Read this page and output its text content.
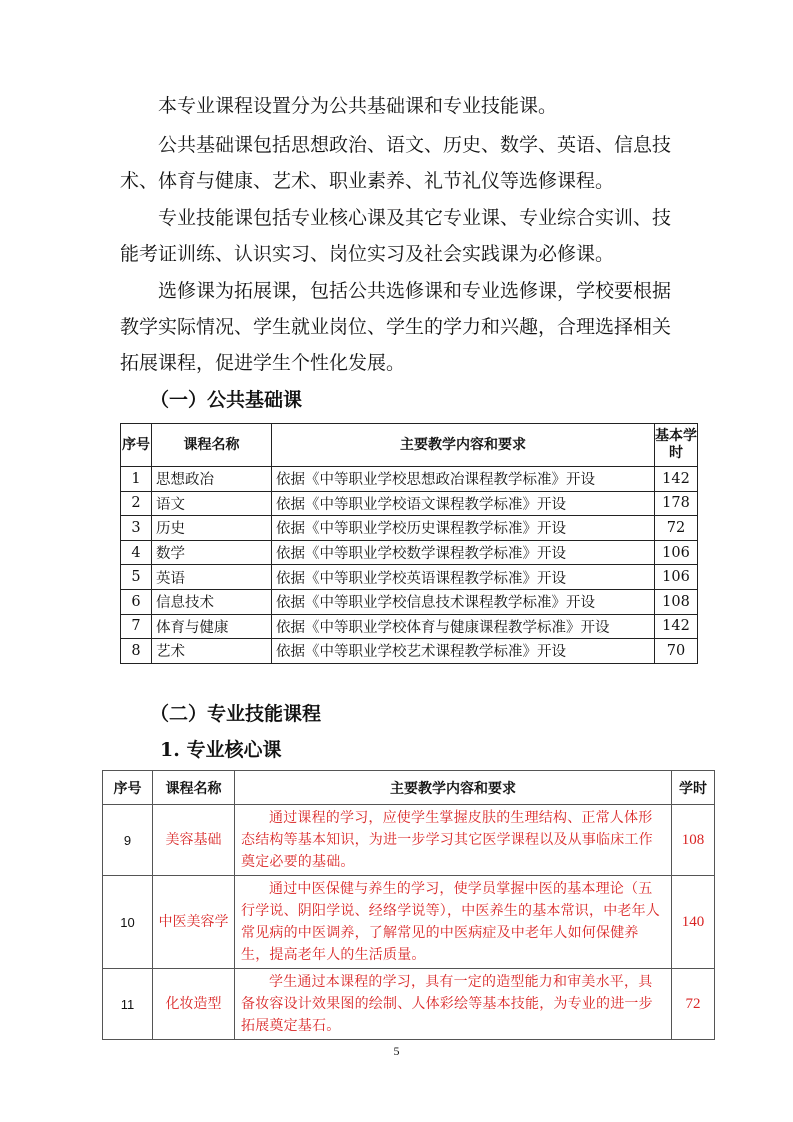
本专业课程设置分为公共基础课和专业技能课。

公共基础课包括思想政治、语文、历史、数学、英语、信息技术、体育与健康、艺术、职业素养、礼节礼仪等选修课程。

专业技能课包括专业核心课及其它专业课、专业综合实训、技能考证训练、认识实习、岗位实习及社会实践课为必修课。

选修课为拓展课，包括公共选修课和专业选修课，学校要根据教学实际情况、学生就业岗位、学生的学力和兴趣，合理选择相关拓展课程，促进学生个性化发展。

（一）公共基础课
序号	课程名称	主要教学内容和要求	基本学时
1	思想政冶	依据《中等职业学校思想政冶课程教学标准》开设	142
2	语文	依据《中等职业学校语文课程教学标准》开设	178
3	历史	依据《中等职业学校历史课程教学标准》开设	72
4	数学	依据《中等职业学校数学课程教学标准》开设	106
5	英语	依据《中等职业学校英语课程教学标准》开设	106
6	信息技术	依据《中等职业学校信息技术课程教学标准》开设	108
7	体育与健康	依据《中等职业学校体育与健康课程教学标准》开设	142
8	艺术	依据《中等职业学校艺术课程教学标准》开设	70
（二）专业技能课程
1. 专业核心课
序号	课程名称	主要教学内容和要求	学时
9	美容基础	通过课程的学习，应使学生掌握皮肤的生理结构、正常人体形态结构等基本知识，为进一步学习其它医学课程以及从事临床工作奠定必要的基础。	108
10	中医美容学	通过中医保健与养生的学习，使学员掌握中医的基本理论（五行学说、阴阳学说、经络学说等），中医养生的基本常识，中老年人常见病的中医调养，了解常见的中医病症及中老年人如何保健养生，提高老年人的生活质量。	140
11	化妆造型	学生通过本课程的学习，具有一定的造型能力和审美水平，具备妆容设计效果图的绘制、人体彩绘等基本技能，为专业的进一步拓展奠定基石。	72
5
